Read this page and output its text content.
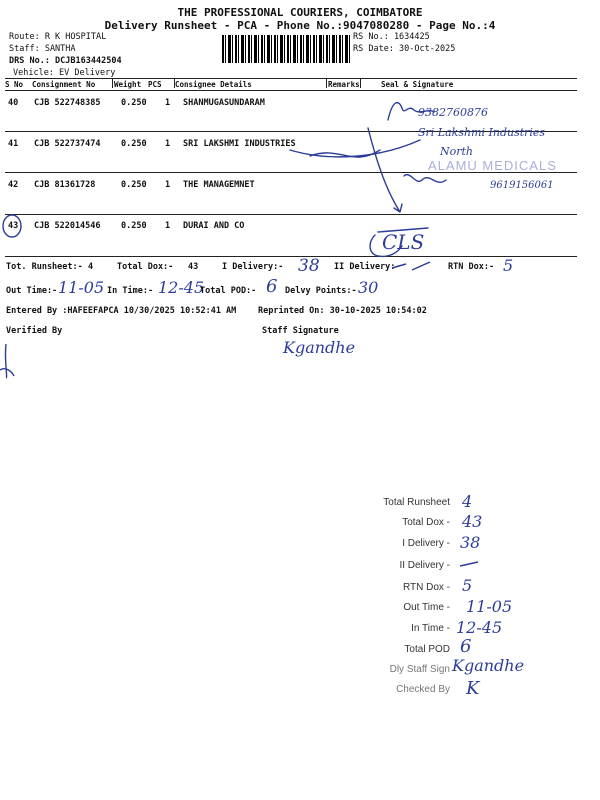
THE PROFESSIONAL COURIERS, COIMBATORE
Delivery Runsheet - PCA - Phone No.:9047080280 - Page No.:4
Route: R K HOSPITAL
Staff: SANTHA
DRS No.: DCJB163442504
Vehicle: EV Delivery
RS No.: 1634425
RS Date: 30-Oct-2025
S No Consignment No	Weight PCS Consignee Details	Remarks	Seal & Signature
40 CJB 522748385 0.250 1 SHANMUGASUNDARAM
41 CJB 522737474 0.250 1 SRI LAKSHMI INDUSTRIES
42 CJB 81361728	0.250 1 THE MANAGEMNET
43 CJB 522014546 0.250 1 DURAI AND CO
9382760876
Sri Lakshmi Industries
North
ALAMU MEDICALS
9619156061
CLS
Tot. Runsheet:- 4	Total Dox:- 43	I Delivery:- 38 II Delivery:-	RTN Dox:- 5
Out Time:- 11-05 In Time:- 12-45
Total POD:- 6 Delvy Points:- 30
Entered By :HAFEEFAPCA 10/30/2025 10:52:41 AM	Reprinted On: 30-10-2025 10:54:02
Verified By	Staff Signature
Kgandhe
Total Runsheet 4
Total Dox - 43
I Delivery - 38
II Delivery -
RTN Dox - 5
Out Time - 11-05
In Time - 12-45
Total POD 6
Dly Staff Sign Kgandhe
Checked By K
